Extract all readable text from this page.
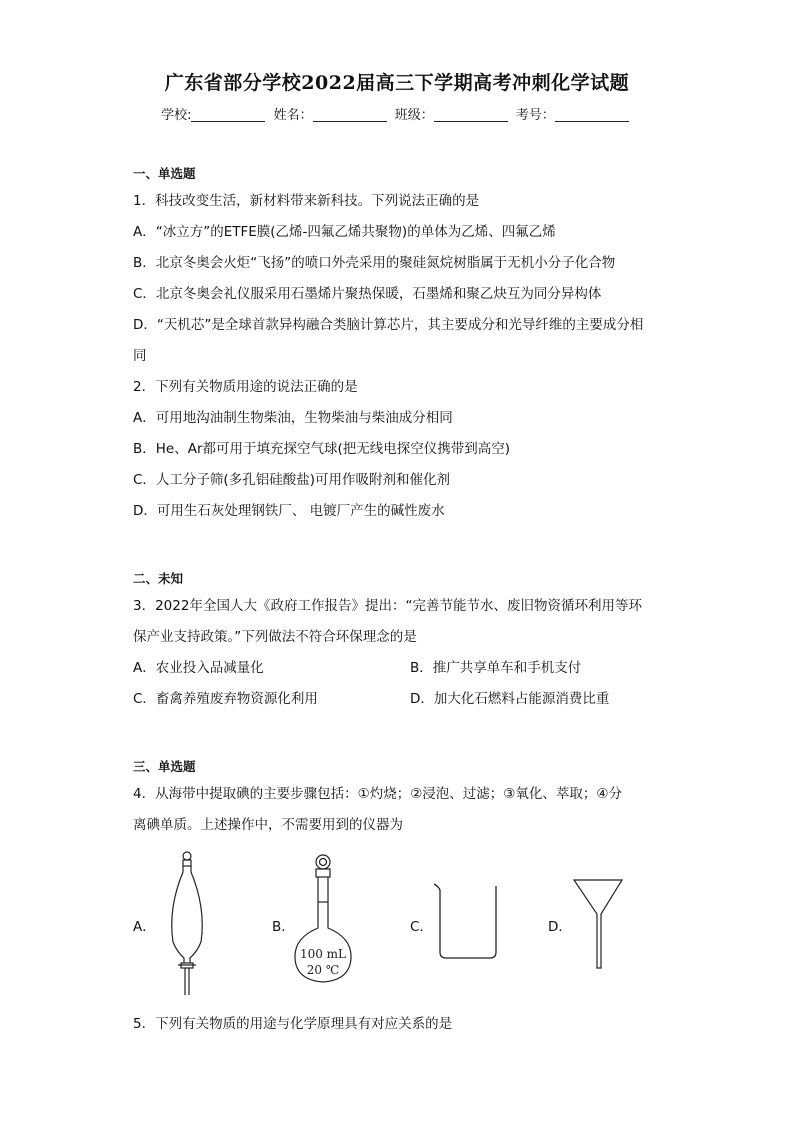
广东省部分学校2022届高三下学期高考冲刺化学试题
学校:	姓名：	班级：	考号：
一、单选题
1．科技改变生活，新材料带来新科技。下列说法正确的是
A．“冰立方”的ETFE膜(乙烯-四氟乙烯共聚物)的单体为乙烯、四氟乙烯
B．北京冬奥会火炬“飞扬”的喷口外壳采用的聚硅氮烷树脂属于无机小分子化合物
C．北京冬奥会礼仪服采用石墨烯片聚热保暖，石墨烯和聚乙炔互为同分异构体
D．“天机芯”是全球首款异构融合类脑计算芯片，其主要成分和光导纤维的主要成分相
同
2．下列有关物质用途的说法正确的是
A．可用地沟油制生物柴油，生物柴油与柴油成分相同
B．He、Ar都可用于填充探空气球(把无线电探空仪携带到高空)
C．人工分子筛(多孔铝硅酸盐)可用作吸附剂和催化剂
D．可用生石灰处理钢铁厂、 电镀厂产生的碱性废水
二、未知
3．2022年全国人大《政府工作报告》提出：“完善节能节水、废旧物资循环利用等环
保产业支持政策。”下列做法不符合环保理念的是
A．农业投入品减量化	B．推广共享单车和手机支付
C．畜禽养殖废弃物资源化利用	D．加大化石燃料占能源消费比重
三、单选题
4．从海带中提取碘的主要步骤包括：①灼烧；②浸泡、过滤；③氧化、萃取；④分
离碘单质。上述操作中，不需要用到的仪器为
A．	B．
100 mL
20 ℃
C．	D．
5．下列有关物质的用途与化学原理具有对应关系的是
